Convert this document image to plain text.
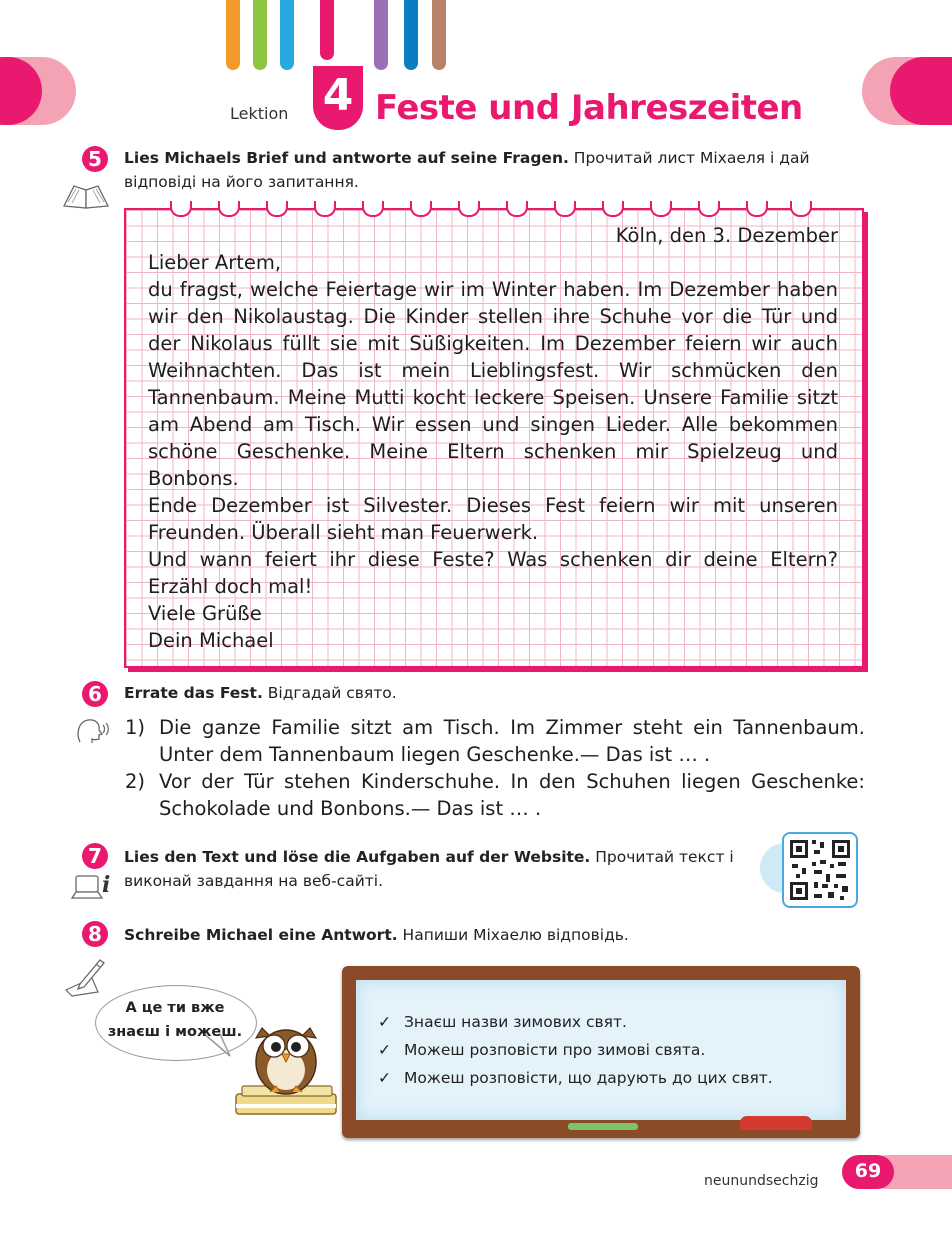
Lektion 4 Feste und Jahreszeiten
5	Lies Michaels Brief und antworte auf seine Fragen. Прочитай лист Міхаеля і дай відповіді на його запитання.

Köln, den 3. Dezember

Lieber Artem,

du fragst, welche Feiertage wir im Winter haben. Im Dezember haben wir den Nikolaustag. Die Kinder stellen ihre Schuhe vor die Tür und der Nikolaus füllt sie mit Süßigkeiten. Im Dezember feiern wir auch Weihnachten. Das ist mein Lieblingsfest. Wir schmücken den Tannenbaum. Meine Mutti kocht leckere Speisen. Unsere Familie sitzt am Abend am Tisch. Wir essen und singen Lieder. Alle bekommen schöne Geschenke. Meine Eltern schenken mir Spielzeug und Bonbons.

Ende Dezember ist Silvester. Dieses Fest feiern wir mit unseren Freunden. Überall sieht man Feuerwerk.

Und wann feiert ihr diese Feste? Was schenken dir deine Eltern? Erzähl doch mal!

Viele Grüße

Dein Michael

6	Errate das Fest. Відгадай свято.
1) Die ganze Familie sitzt am Tisch. Im Zimmer steht ein Tannenbaum. Unter dem Tannenbaum liegen Geschenke.— Das ist … .
2) Vor der Tür stehen Kinderschuhe. In den Schuhen liegen Geschenke: Schokolade und Bonbons.— Das ist … .
7
i
Lies den Text und löse die Aufgaben auf der Website. Прочитай текст і виконай завдання на веб-сайті.
8	Schreibe Michael eine Antwort. Напиши Міхаелю відповідь.
А це ти вже
знаєш і можеш.
✓ Знаєш назви зимових свят.
✓ Можеш розповісти про зимові свята.
✓ Можеш розповісти, що дарують до цих свят.
neunundsechzig	69
